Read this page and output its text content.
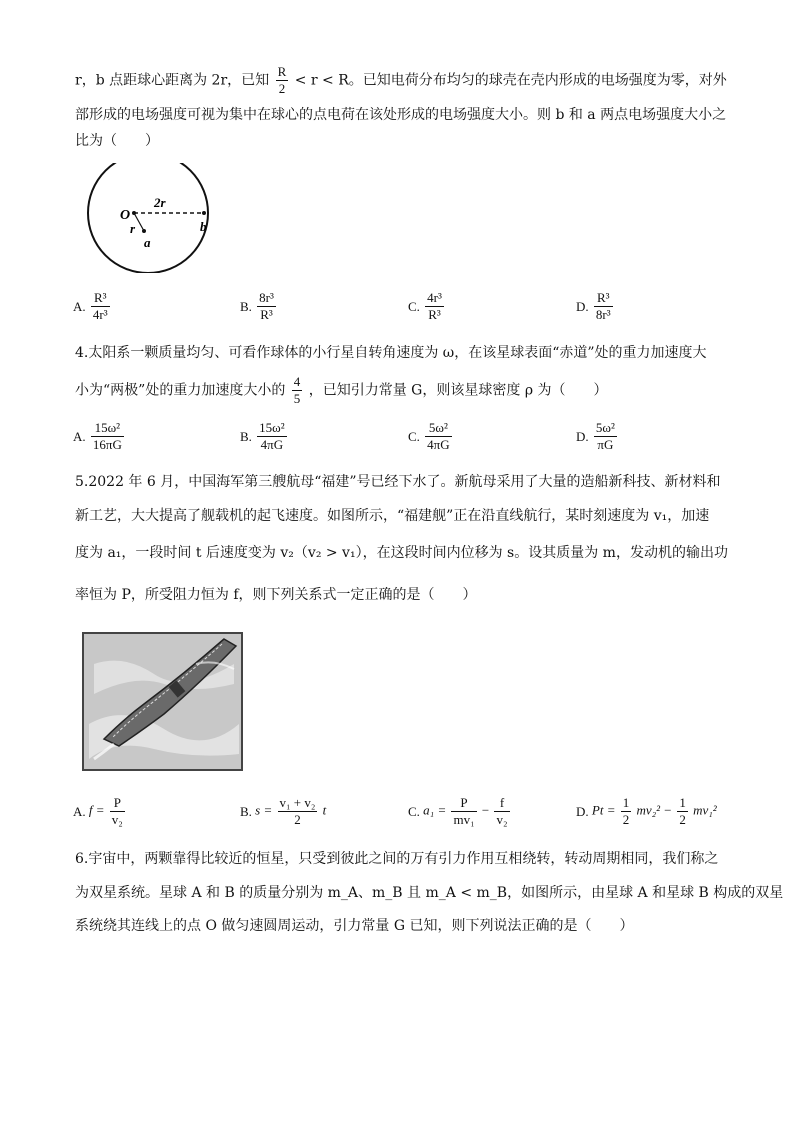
r，b 点距球心距离为 2r，已知 $\frac{R}{2} < r < R$。已知电荷分布均匀的球壳在壳内形成的电场强度为零，对外
部形成的电场强度可视为集中在球心的点电荷在该处形成的电场强度大小。则 b 和 a 两点电场强度大小之
比为（　　）
O
2r
r
a
b
A. $\frac{\text{R³}}{\text{4r³}}$	B. $\frac{\text{8r³}}{\text{R³}}$	C. $\frac{\text{4r³}}{\text{R³}}$	D. $\frac{\text{R³}}{\text{8r³}}$
4.太阳系一颗质量均匀、可看作球体的小行星自转角速度为 ω，在该星球表面“赤道”处的重力加速度大
小为“两极”处的重力加速度大小的 $\frac{4}{5}$ ，已知引力常量 G，则该星球密度 ρ 为（　　）
A. $\frac{\text{15ω²}}{16\pi G}$	B. $\frac{\text{15ω²}}{4\pi G}$	C. $\frac{\text{5ω²}}{4\pi G}$	D. $\frac{\text{5ω²}}{\pi G}$
5.2022 年 6 月，中国海军第三艘航母“福建”号已经下水了。新航母采用了大量的造船新科技、新材料和
新工艺，大大提高了舰载机的起飞速度。如图所示，“福建舰”正在沿直线航行，某时刻速度为 v₁，加速
度为 a₁，一段时间 t 后速度变为 v₂（v₂ > v₁），在这段时间内位移为 s。设其质量为 m，发动机的输出功
率恒为 P，所受阻力恒为 f，则下列关系式一定正确的是（　　）
A. $f = \frac{P}{\text{v₂}}$	B. $s = \frac{\text{v₁ + v₂}}{2}$ t	C. $a_1 = \frac{P}{\text{mv₁}} - \frac{f}{\text{v₂}}$	D. $Pt = \frac{1}{2} mv_2^2 - \frac{1}{2} mv_1^2$
6.宇宙中，两颗靠得比较近的恒星，只受到彼此之间的万有引力作用互相绕转，转动周期相同，我们称之
为双星系统。星球 A 和 B 的质量分别为 m_A、m_B 且 m_A < m_B，如图所示，由星球 A 和星球 B 构成的双星
系统绕其连线上的点 O 做匀速圆周运动，引力常量 G 已知，则下列说法正确的是（　　）
